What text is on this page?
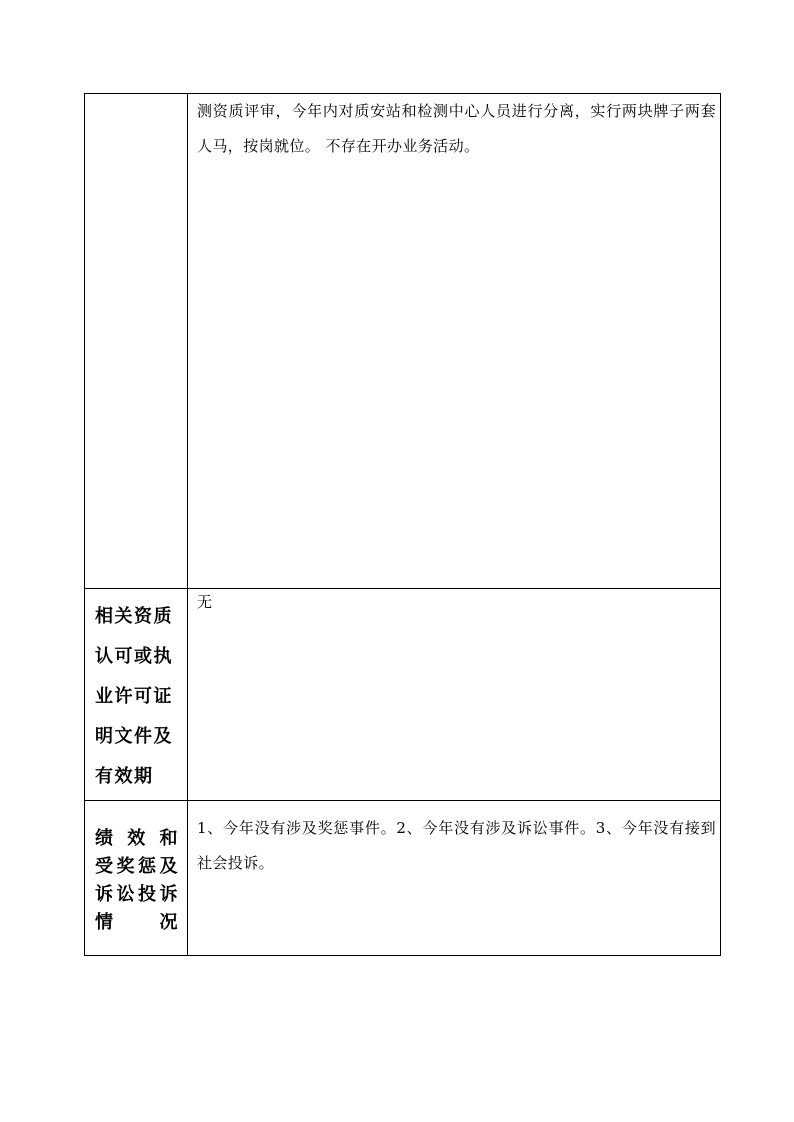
	测资质评审，今年内对质安站和检测中心人员进行分离，实行两块牌子两套人马，按岗就位。 不存在开办业务活动。

相关资质
认可或执
业许可证
明文件及
有效期	无

绩 效 和
受奖惩及
诉讼投诉
情　　况	1、今年没有涉及奖惩事件。2、今年没有涉及诉讼事件。3、今年没有接到社会投诉。
